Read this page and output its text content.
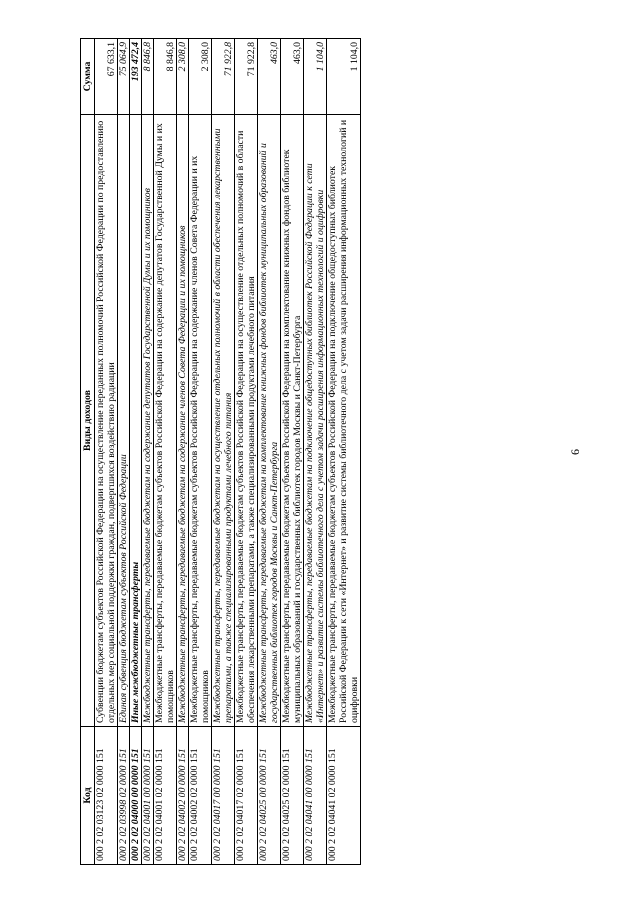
6
Код	Виды доходов	Сумма
000 2 02 03123 02 0000 151	Субвенции бюджетам субъектов Российской Федерации на осуществление переданных полномочий Российской Федерации по предоставлению отдельных мер социальной поддержки граждан, подвергшихся воздействию радиации	67 633,1
000 2 02 03998 02 0000 151	Единая субвенция бюджетам субъектов Российской Федерации	75 064,9
000 2 02 04000 00 0000 151	Иные межбюджетные трансферты	193 472,4
000 2 02 04001 00 0000 151	Межбюджетные трансферты, передаваемые бюджетам на содержание депутатов Государственной Думы и их помощников	8 846,8
000 2 02 04001 02 0000 151	Межбюджетные трансферты, передаваемые бюджетам субъектов Российской Федерации на содержание депутатов Государственной Думы и их помощников	8 846,8
000 2 02 04002 00 0000 151	Межбюджетные трансферты, передаваемые бюджетам на содержание членов Совета Федерации и их помощников	2 308,0
000 2 02 04002 02 0000 151	Межбюджетные трансферты, передаваемые бюджетам субъектов Российской Федерации на содержание членов Совета Федерации и их помощников	2 308,0
000 2 02 04017 00 0000 151	Межбюджетные трансферты, передаваемые бюджетам на осуществление отдельных полномочий в области обеспечения лекарственными препаратами, а также специализированными продуктами лечебного питания	71 922,8
000 2 02 04017 02 0000 151	Межбюджетные трансферты, передаваемые бюджетам субъектов Российской Федерации на осуществление отдельных полномочий в области обеспечения лекарственными препаратами, а также специализированными продуктами лечебного питания	71 922,8
000 2 02 04025 00 0000 151	Межбюджетные трансферты, передаваемые бюджетам на комплектование книжных фондов библиотек муниципальных образований и государственных библиотек городов Москвы и Санкт-Петербурга	463,0
000 2 02 04025 02 0000 151	Межбюджетные трансферты, передаваемые бюджетам субъектов Российской Федерации на комплектование книжных фондов библиотек муниципальных образований и государственных библиотек городов Москвы и Санкт-Петербурга	463,0
000 2 02 04041 00 0000 151	Межбюджетные трансферты, передаваемые бюджетам на подключение общедоступных библиотек Российской Федерации к сети «Интернет» и развитие системы библиотечного дела с учетом задачи расширения информационных технологий и оцифровки	1 104,0
000 2 02 04041 02 0000 151	Межбюджетные трансферты, передаваемые бюджетам субъектов Российской Федерации на подключение общедоступных библиотек Российской Федерации к сети «Интернет» и развитие системы библиотечного дела с учетом задачи расширения информационных технологий и оцифровки	1 104,0
